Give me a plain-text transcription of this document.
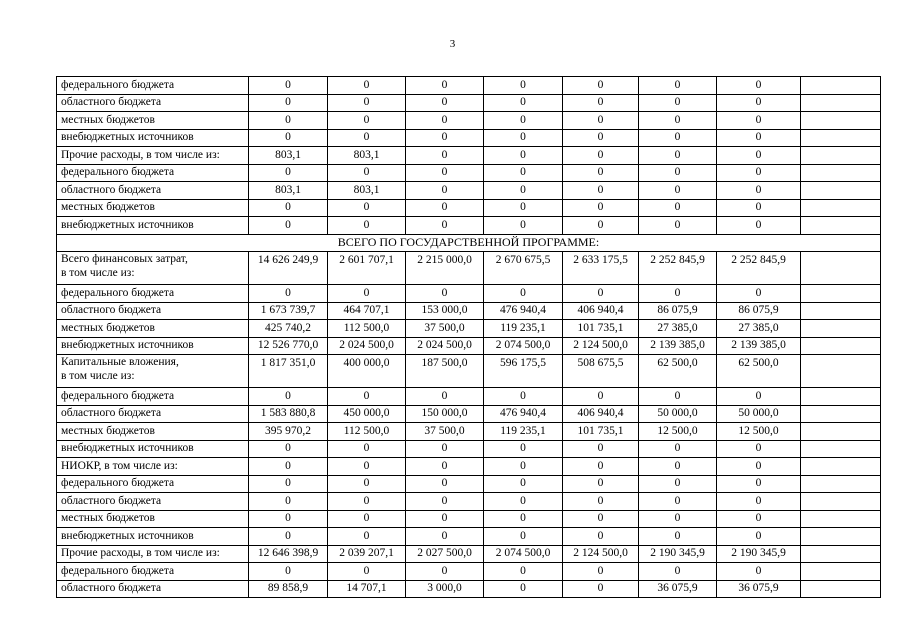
3
федерального бюджета	0	0	0	0	0	0	0	
областного бюджета	0	0	0	0	0	0	0	
местных бюджетов	0	0	0	0	0	0	0	
внебюджетных источников	0	0	0	0	0	0	0	
Прочие расходы, в том числе из:	803,1	803,1	0	0	0	0	0	
федерального бюджета	0	0	0	0	0	0	0	
областного бюджета	803,1	803,1	0	0	0	0	0	
местных бюджетов	0	0	0	0	0	0	0	
внебюджетных источников	0	0	0	0	0	0	0	
ВСЕГО ПО ГОСУДАРСТВЕННОЙ ПРОГРАММЕ:								

Всего финансовых затрат,
в том числе из:	14 626 249,9	2 601 707,1	2 215 000,0	2 670 675,5	2 633 175,5	2 252 845,9	2 252 845,9	
федерального бюджета	0	0	0	0	0	0	0	
областного бюджета	1 673 739,7	464 707,1	153 000,0	476 940,4	406 940,4	86 075,9	86 075,9	
местных бюджетов	425 740,2	112 500,0	37 500,0	119 235,1	101 735,1	27 385,0	27 385,0	
внебюджетных источников	12 526 770,0	2 024 500,0	2 024 500,0	2 074 500,0	2 124 500,0	2 139 385,0	2 139 385,0	

Капитальные вложения,
в том числе из:	1 817 351,0	400 000,0	187 500,0	596 175,5	508 675,5	62 500,0	62 500,0	
федерального бюджета	0	0	0	0	0	0	0	
областного бюджета	1 583 880,8	450 000,0	150 000,0	476 940,4	406 940,4	50 000,0	50 000,0	
местных бюджетов	395 970,2	112 500,0	37 500,0	119 235,1	101 735,1	12 500,0	12 500,0	
внебюджетных источников	0	0	0	0	0	0	0	
НИОКР, в том числе из:	0	0	0	0	0	0	0	
федерального бюджета	0	0	0	0	0	0	0	
областного бюджета	0	0	0	0	0	0	0	
местных бюджетов	0	0	0	0	0	0	0	
внебюджетных источников	0	0	0	0	0	0	0	
Прочие расходы, в том числе из:	12 646 398,9	2 039 207,1	2 027 500,0	2 074 500,0	2 124 500,0	2 190 345,9	2 190 345,9	
федерального бюджета	0	0	0	0	0	0	0	
областного бюджета	89 858,9	14 707,1	3 000,0	0	0	36 075,9	36 075,9	
